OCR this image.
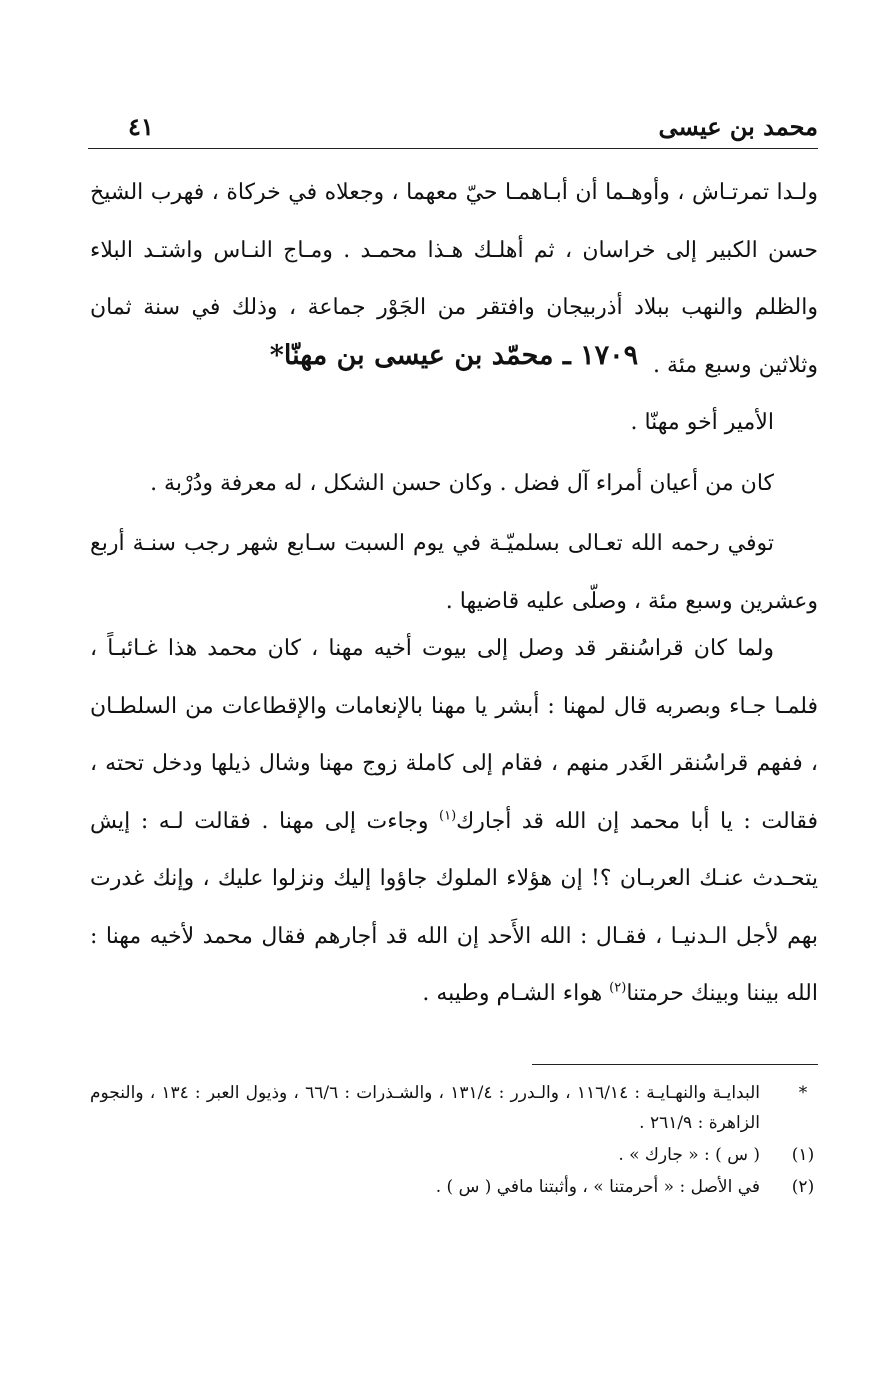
محمد بن عيسى
٤١

ولـدا تمرتـاش ، وأوهـما أن أبـاهمـا حيّ معهما ، وجعلاه في خركاة ، فهرب الشيخ حسن الكبير إلى خراسان ، ثم أهلـك هـذا محمـد . ومـاج النـاس واشتـد البلاء والظلم والنهب ببلاد أذربيجان وافتقر من الجَوْر جماعة ، وذلك في سنة ثمان وثلاثين وسبع مئة .

١٧٠٩ ـ محمّد بن عيسى بن مهنّا*

الأمير أخو مهنّا .

كان من أعيان أمراء آل فضل . وكان حسن الشكل ، له معرفة ودُرْبة .

توفي رحمه الله تعـالى بسلميّـة في يوم السبت سـابع شهر رجب سنـة أربع وعشرين وسبع مئة ، وصلّى عليه قاضيها .

ولما كان قراسُنقر قد وصل إلى بيوت أخيه مهنا ، كان محمد هذا غـائبـاً ، فلمـا جـاء وبصربه قال لمهنا : أبشر يا مهنا بالإنعامات والإقطاعات من السلطـان ، ففهم قراسُنقر الغَدر منهم ، فقام إلى كاملة زوج مهنا وشال ذيلها ودخل تحته ، فقالت : يا أبا محمد إن الله قد أجارك$^{(١)}$ وجاءت إلى مهنا . فقالت لـه : إيش يتحـدث عنـك العربـان ؟! إن هؤلاء الملوك جاؤوا إليك ونزلوا عليك ، وإنك غدرت بهم لأجل الـدنيـا ، فقـال : الله الأَحد إن الله قد أجارهم فقال محمد لأخيه مهنا : الله بيننا وبينك حرمتنا$^{(٢)}$ هواء الشـام وطيبه .

*
البدايـة والنهـايـة : ١١٦/١٤ ، والـدرر : ١٣١/٤ ، والشـذرات : ٦٦/٦ ، وذيول العبر : ١٣٤ ، والنجوم الزاهرة : ٢٦١/٩ .
(١)
( س ) : « جارك » .
(٢)
في الأصل : « أحرمتنا » ، وأثبتنا مافي ( س ) .
